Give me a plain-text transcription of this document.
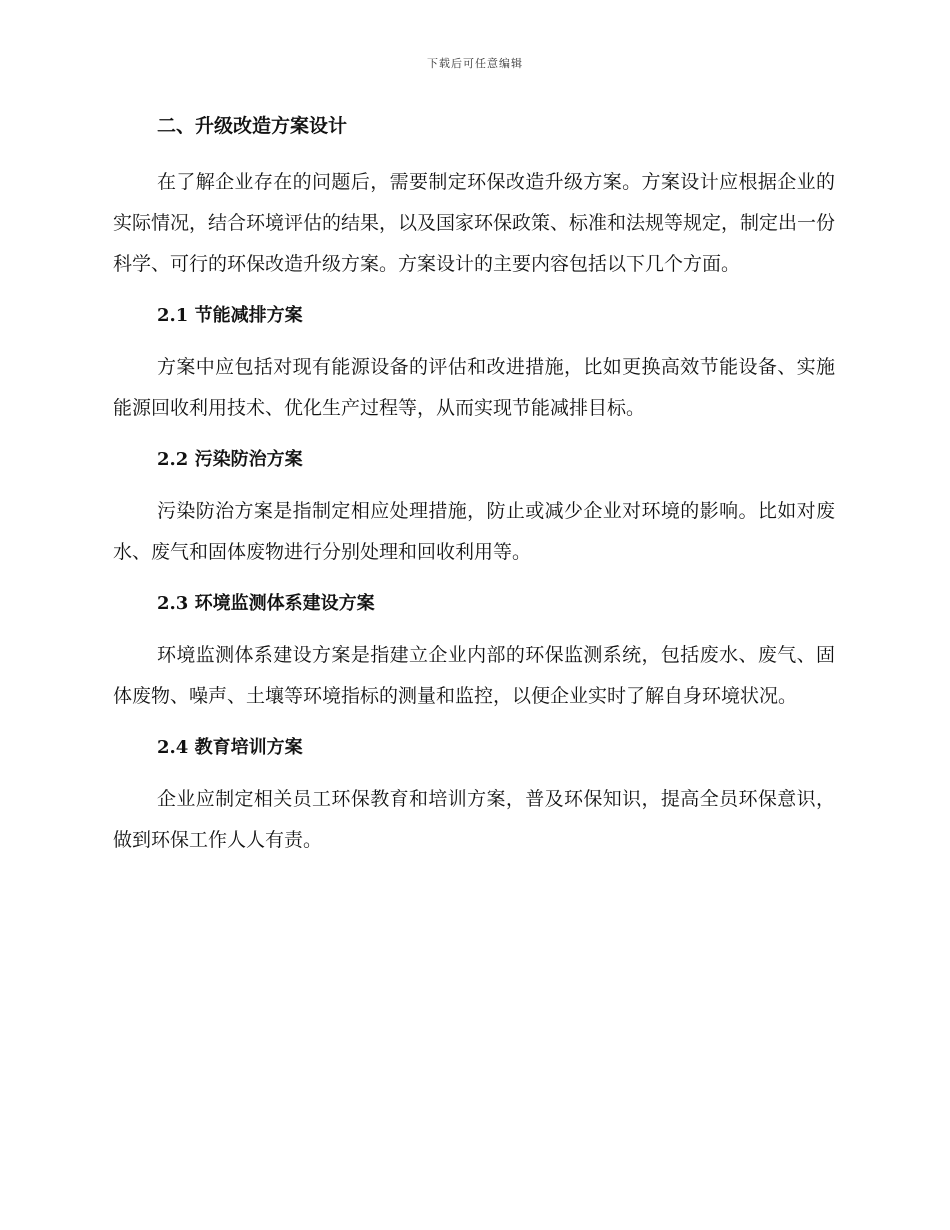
下载后可任意编辑
二、升级改造方案设计

在了解企业存在的问题后，需要制定环保改造升级方案。方案设计应根据企业的实际情况，结合环境评估的结果，以及国家环保政策、标准和法规等规定，制定出一份科学、可行的环保改造升级方案。方案设计的主要内容包括以下几个方面。

2.1 节能减排方案

方案中应包括对现有能源设备的评估和改进措施，比如更换高效节能设备、实施能源回收利用技术、优化生产过程等，从而实现节能减排目标。

2.2 污染防治方案

污染防治方案是指制定相应处理措施，防止或减少企业对环境的影响。比如对废水、废气和固体废物进行分别处理和回收利用等。

2.3 环境监测体系建设方案

环境监测体系建设方案是指建立企业内部的环保监测系统，包括废水、废气、固体废物、噪声、土壤等环境指标的测量和监控，以便企业实时了解自身环境状况。

2.4 教育培训方案

企业应制定相关员工环保教育和培训方案，普及环保知识，提高全员环保意识，做到环保工作人人有责。
